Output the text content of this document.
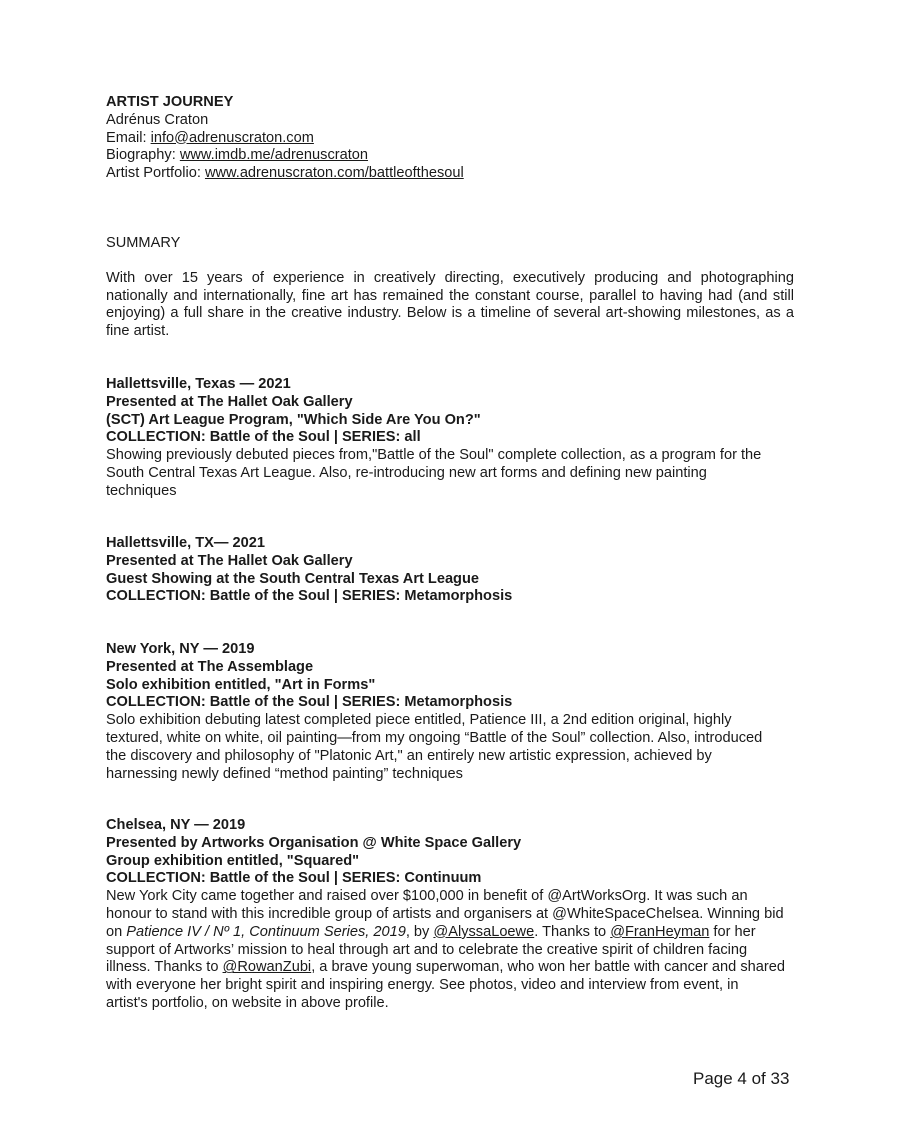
ARTIST JOURNEY
Adrénus Craton
Email: info@adrenuscraton.com
Biography: www.imdb.me/adrenuscraton
Artist Portfolio: www.adrenuscraton.com/battleofthesoul
SUMMARY
With over 15 years of experience in creatively directing, executively producing and photographing nationally and internationally, fine art has remained the constant course, parallel to having had (and still enjoying) a full share in the creative industry. Below is a timeline of several art-showing milestones, as a fine artist.
Hallettsville, Texas — 2021
Presented at The Hallet Oak Gallery
(SCT) Art League Program, "Which Side Are You On?"
COLLECTION: Battle of the Soul | SERIES: all
Showing previously debuted pieces from,"Battle of the Soul" complete collection, as a program for the
South Central Texas Art League. Also, re-introducing new art forms and defining new painting
techniques
Hallettsville, TX— 2021
Presented at The Hallet Oak Gallery
Guest Showing at the South Central Texas Art League
COLLECTION: Battle of the Soul | SERIES: Metamorphosis
New York, NY — 2019
Presented at The Assemblage
Solo exhibition entitled, "Art in Forms"
COLLECTION: Battle of the Soul | SERIES: Metamorphosis
Solo exhibition debuting latest completed piece entitled, Patience III, a 2nd edition original, highly
textured, white on white, oil painting—from my ongoing “Battle of the Soul” collection. Also, introduced
the discovery and philosophy of "Platonic Art," an entirely new artistic expression, achieved by
harnessing newly defined “method painting” techniques
Chelsea, NY — 2019
Presented by Artworks Organisation @ White Space Gallery
Group exhibition entitled, "Squared"
COLLECTION: Battle of the Soul | SERIES: Continuum
New York City came together and raised over $100,000 in benefit of @ArtWorksOrg. It was such an
honour to stand with this incredible group of artists and organisers at @WhiteSpaceChelsea. Winning bid
on Patience IV / Nº 1, Continuum Series, 2019, by @AlyssaLoewe. Thanks to @FranHeyman for her
support of Artworks’ mission to heal through art and to celebrate the creative spirit of children facing
illness. Thanks to @RowanZubi, a brave young superwoman, who won her battle with cancer and shared
with everyone her bright spirit and inspiring energy. See photos, video and interview from event, in
artist's portfolio, on website in above profile.
Page 4 of 33
